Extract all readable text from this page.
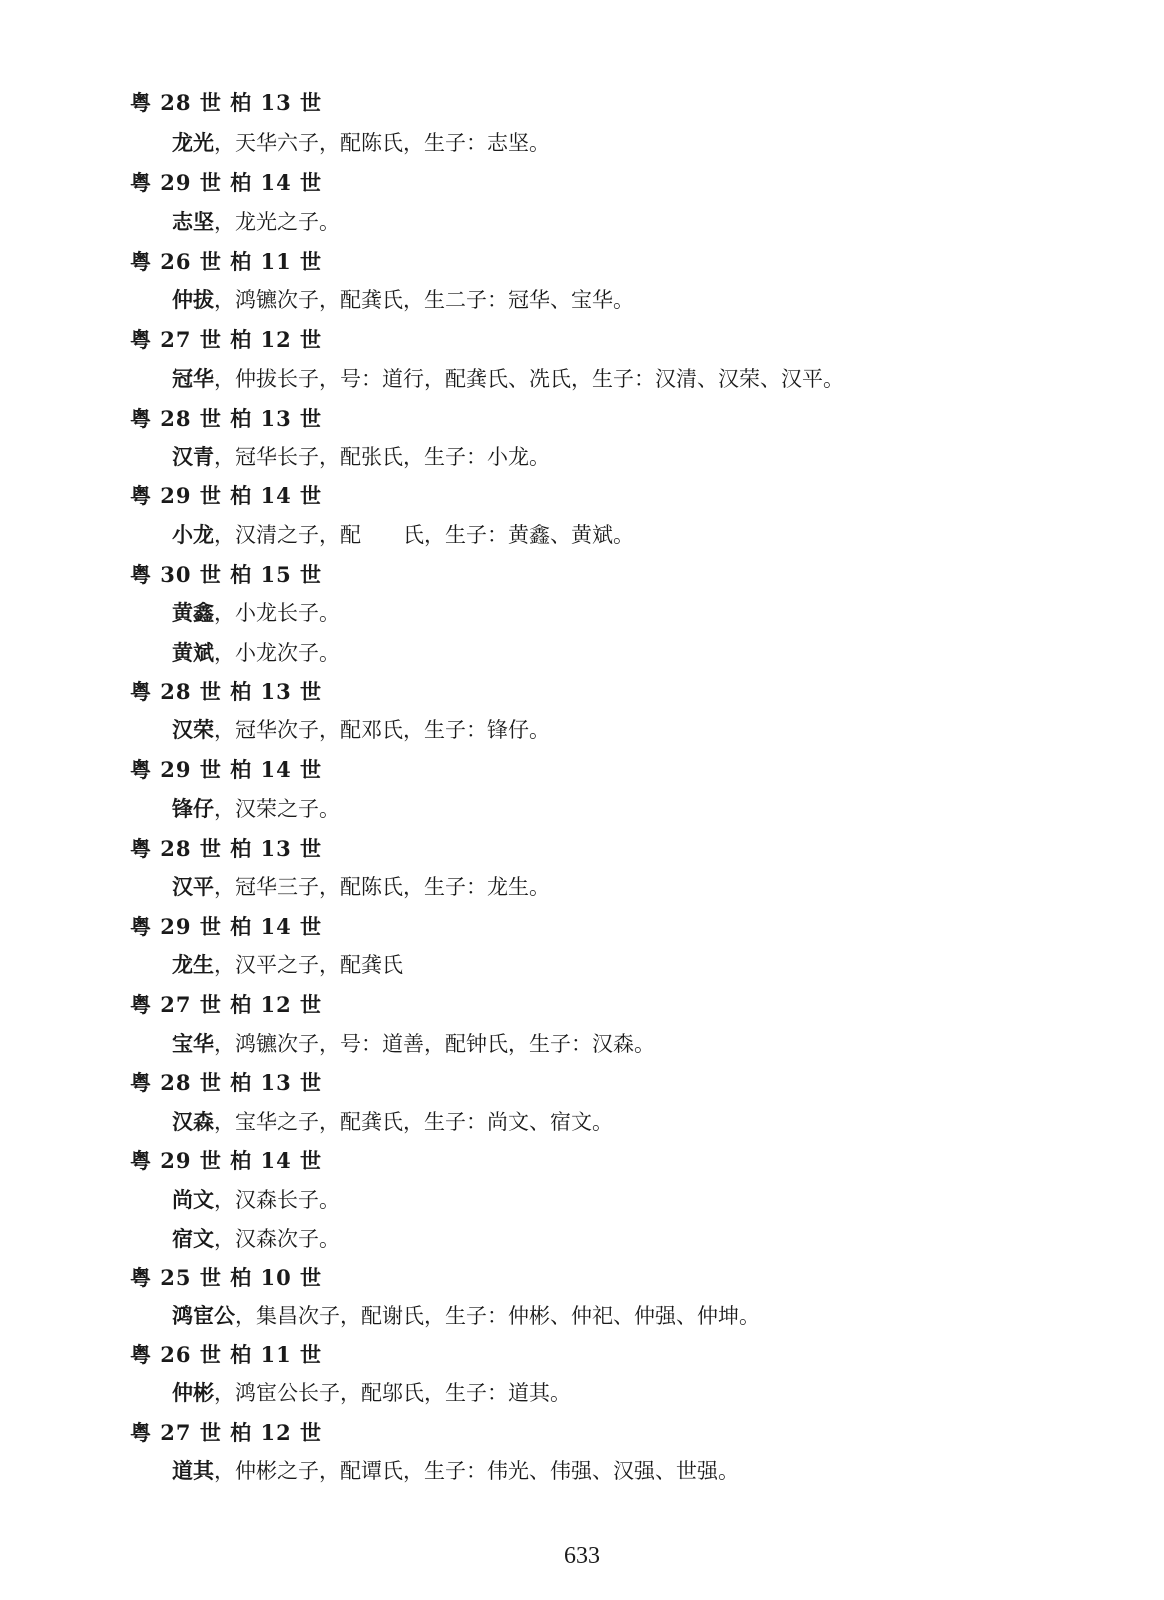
粤 28 世 柏 13 世
龙光，天华六子，配陈氏，生子：志坚。
粤 29 世 柏 14 世
志坚，龙光之子。
粤 26 世 柏 11 世
仲拔，鸿镳次子，配龚氏，生二子：冠华、宝华。
粤 27 世 柏 12 世
冠华，仲拔长子，号：道行，配龚氏、冼氏，生子：汉清、汉荣、汉平。
粤 28 世 柏 13 世
汉青，冠华长子，配张氏，生子：小龙。
粤 29 世 柏 14 世
小龙，汉清之子，配　　氏，生子：黄鑫、黄斌。
粤 30 世 柏 15 世
黄鑫，小龙长子。
黄斌，小龙次子。
粤 28 世 柏 13 世
汉荣，冠华次子，配邓氏，生子：锋仔。
粤 29 世 柏 14 世
锋仔，汉荣之子。
粤 28 世 柏 13 世
汉平，冠华三子，配陈氏，生子：龙生。
粤 29 世 柏 14 世
龙生，汉平之子，配龚氏
粤 27 世 柏 12 世
宝华，鸿镳次子，号：道善，配钟氏，生子：汉森。
粤 28 世 柏 13 世
汉森，宝华之子，配龚氏，生子：尚文、宿文。
粤 29 世 柏 14 世
尚文，汉森长子。
宿文，汉森次子。
粤 25 世 柏 10 世
鸿宦公，集昌次子，配谢氏，生子：仲彬、仲祀、仲强、仲坤。
粤 26 世 柏 11 世
仲彬，鸿宦公长子，配邬氏，生子：道其。
粤 27 世 柏 12 世
道其，仲彬之子，配谭氏，生子：伟光、伟强、汉强、世强。
633
